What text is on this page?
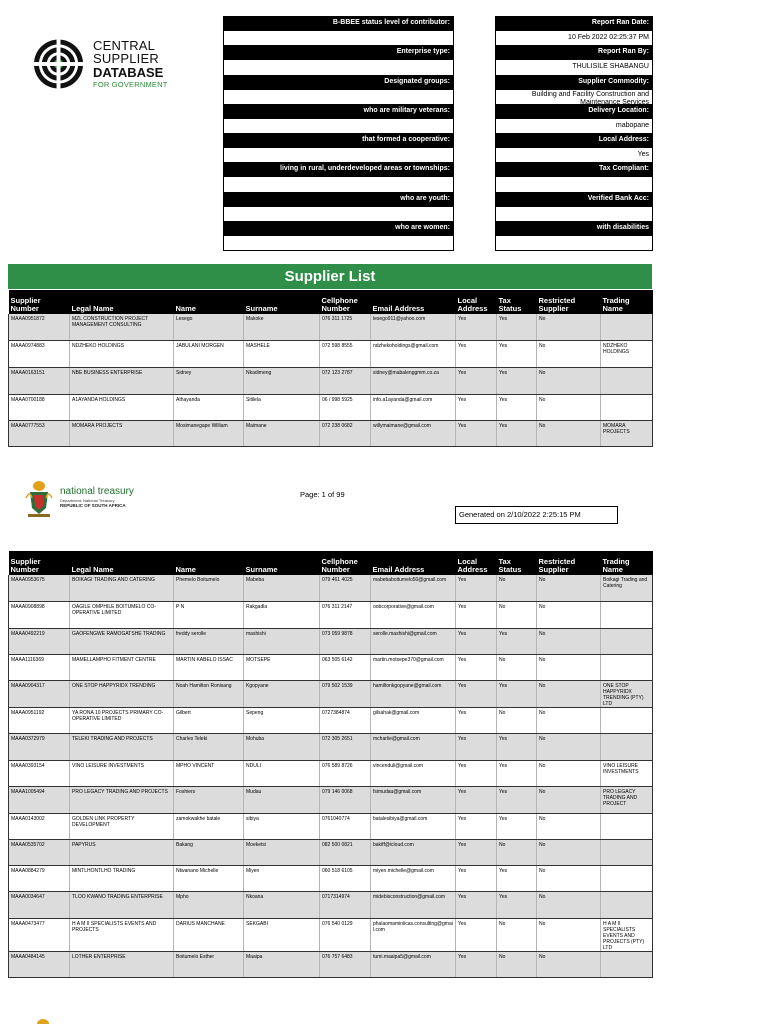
CENTRAL SUPPLIER
DATABASE
FOR GOVERNMENT
B-BBEE status level of contributor:
Enterprise type:
Designated groups:
who are military veterans:
that formed a cooperative:
living in rural, underdeveloped areas or townships:
who are youth:
who are women:
Report Ran Date:
10 Feb 2022 02:25:37 PM
Report Ran By:
THULISILE SHABANGU
Supplier Commodity:
Building and Facility Construction and Maintenance Services
Delivery Location:
mabopane
Local Address:
Yes
Tax Compliant:
Verified Bank Acc:
with disabilities
Supplier List
Supplier Number	Legal Name	Name	Surname	Cellphone Number	Email Address	Local Address	Tax Status	Restricted Supplier	Trading Name
MAAA0951872	MZL CONSTRUCTION PROJECT MANAGEMENT CONSULTING	Lesego	Makoke	076 311 1725	lesego911@yahoo.com	Yes	Yes	No	
MAAA0974883	NDZHEKO HOLDINGS	JABULANI MORGEN	MASHELE	072 598 8555	ndzhekoholdings@gmail.com	Yes	Yes	No	NDZHEKO HOLDINGS
MAAA0163151	NBE BUSINESS ENTERPRISE	Sidney	Nkadimeng	072 123 2787	sidney@mabalenggmm.co.za	Yes	Yes	No	
MAAA0700188	A1AYANDA HOLDINGS	Athayanda	Sitilela	06 / 998 5925	info.a1ayanda@gmail.com	Yes	Yes	No	
MAAA0777553	MOMARA PROJECTS	Mosimanegape William	Maimane	072 238 0682	willymaimane@gmail.com	Yes	Yes	No	MOMARA PROJECTS
national treasury
Department: National Treasury
REPUBLIC OF SOUTH AFRICA
Page: 1 of 99
Generated on 2/10/2022 2:25:15 PM
Supplier Number	Legal Name	Name	Surname	Cellphone Number	Email Address	Local Address	Tax Status	Restricted Supplier	Trading Name
MAAA0953675	BOIKAGI TRADING AND CATERING	Phemelo Boitumelo	Mabeba	079 461 4025	mabebaboitumelo50@gmail.com	Yes	No	No	Boikagi Trading and Catering
MAAA0908898	OAGILE OMPHILE BOITUMELO CO-OPERATIVE LIMITED	P N	Rakgadla	076 311 2147	oobcorporative@gmail.com	Yes	No	No	
MAAA0492219	GAOFENGWE RAMOGATSHE TRADING	freddy serolle	mashishi	073 059 9878	serolle.mashishi@gmail.com	Yes	Yes	No	
MAAA1116369	MAMELLAMPHO FITMENT CENTRE	MARTIN KABELO ISSAC	MOTSEPE	063 505 6142	martin.motsepe370@gmail.com	Yes	No	No	
MAAA0904317	ONE STOP HAPPYRIDX TRENDING	Noah Hamilton Ronisang	Kgopyane	079 502 1539	hamiltonkgopyane@gmail.com	Yes	Yes	No	ONE STOP HAPPYRIDX TRENDING (PTY) LTD
MAAA0951192	YA RONA 10 PROJECTS PRIMARY CO-OPERATIVE LIMITED	Gilbert	Sepeng	0727384874	gilsahak@gmail.com	Yes	No	No	
MAAA0372979	TELEKI TRADING AND PROJECTS	Charles Teleki	Mohuba	072 305 2651	mcharlie@gmail.com	Yes	Yes	No	
MAAA0393154	VINO LEISURE INVESTMENTS	MPHO VINCENT	NDULI	076 589 8726	vincenduli@gmail.com	Yes	Yes	No	VINO LEISURE INVESTMENTS
MAAA1005494	PRO LEGACY TRADING AND PROJECTS	Foshiers	Mudau	079 146 0068	fsimudau@gmail.com	Yes	Yes	No	PRO LEGACY TRADING AND PROJECT
MAAA0143002	GOLDEN LINK PROPERTY DEVELOPMENT	zamokwakhe batale	sibiya	0761040774	batalesibiya@gmail.com	Yes	Yes	No	
MAAA0535702	PAPYRUS	Bakang	Moeketsi	082 500 0821	bakiff@icloud.com	Yes	No	No	
MAAA0884279	MINTLHONTLHO TRADING	Ntwanano Michelle	Miyen	060 518 6105	miyen.michelle@gmail.com	Yes	Yes	No	
MAAA0034647	TLOO KWANO TRADING ENTERPRISE	Mpho	Nkoana	0717314974	midebisconstruction@gmail.com	Yes	Yes	No	
MAAA0473477	H A M II SPECIALISTS EVENTS AND PROJECTS	DARIUS MANCHANE	SEKGABI	076 540 0129	phalaomaminiicas.consulting@gmail.com	Yes	No	No	H A M II SPECIALISTS EVENTS AND PROJECTS (PTY) LTD
MAAA0484145	LOTHER ENTERPRISE	Boitumelo Esther	Maaipa	076 757 6483	tumi.maaipa5@gmail.com	Yes	No	No	
